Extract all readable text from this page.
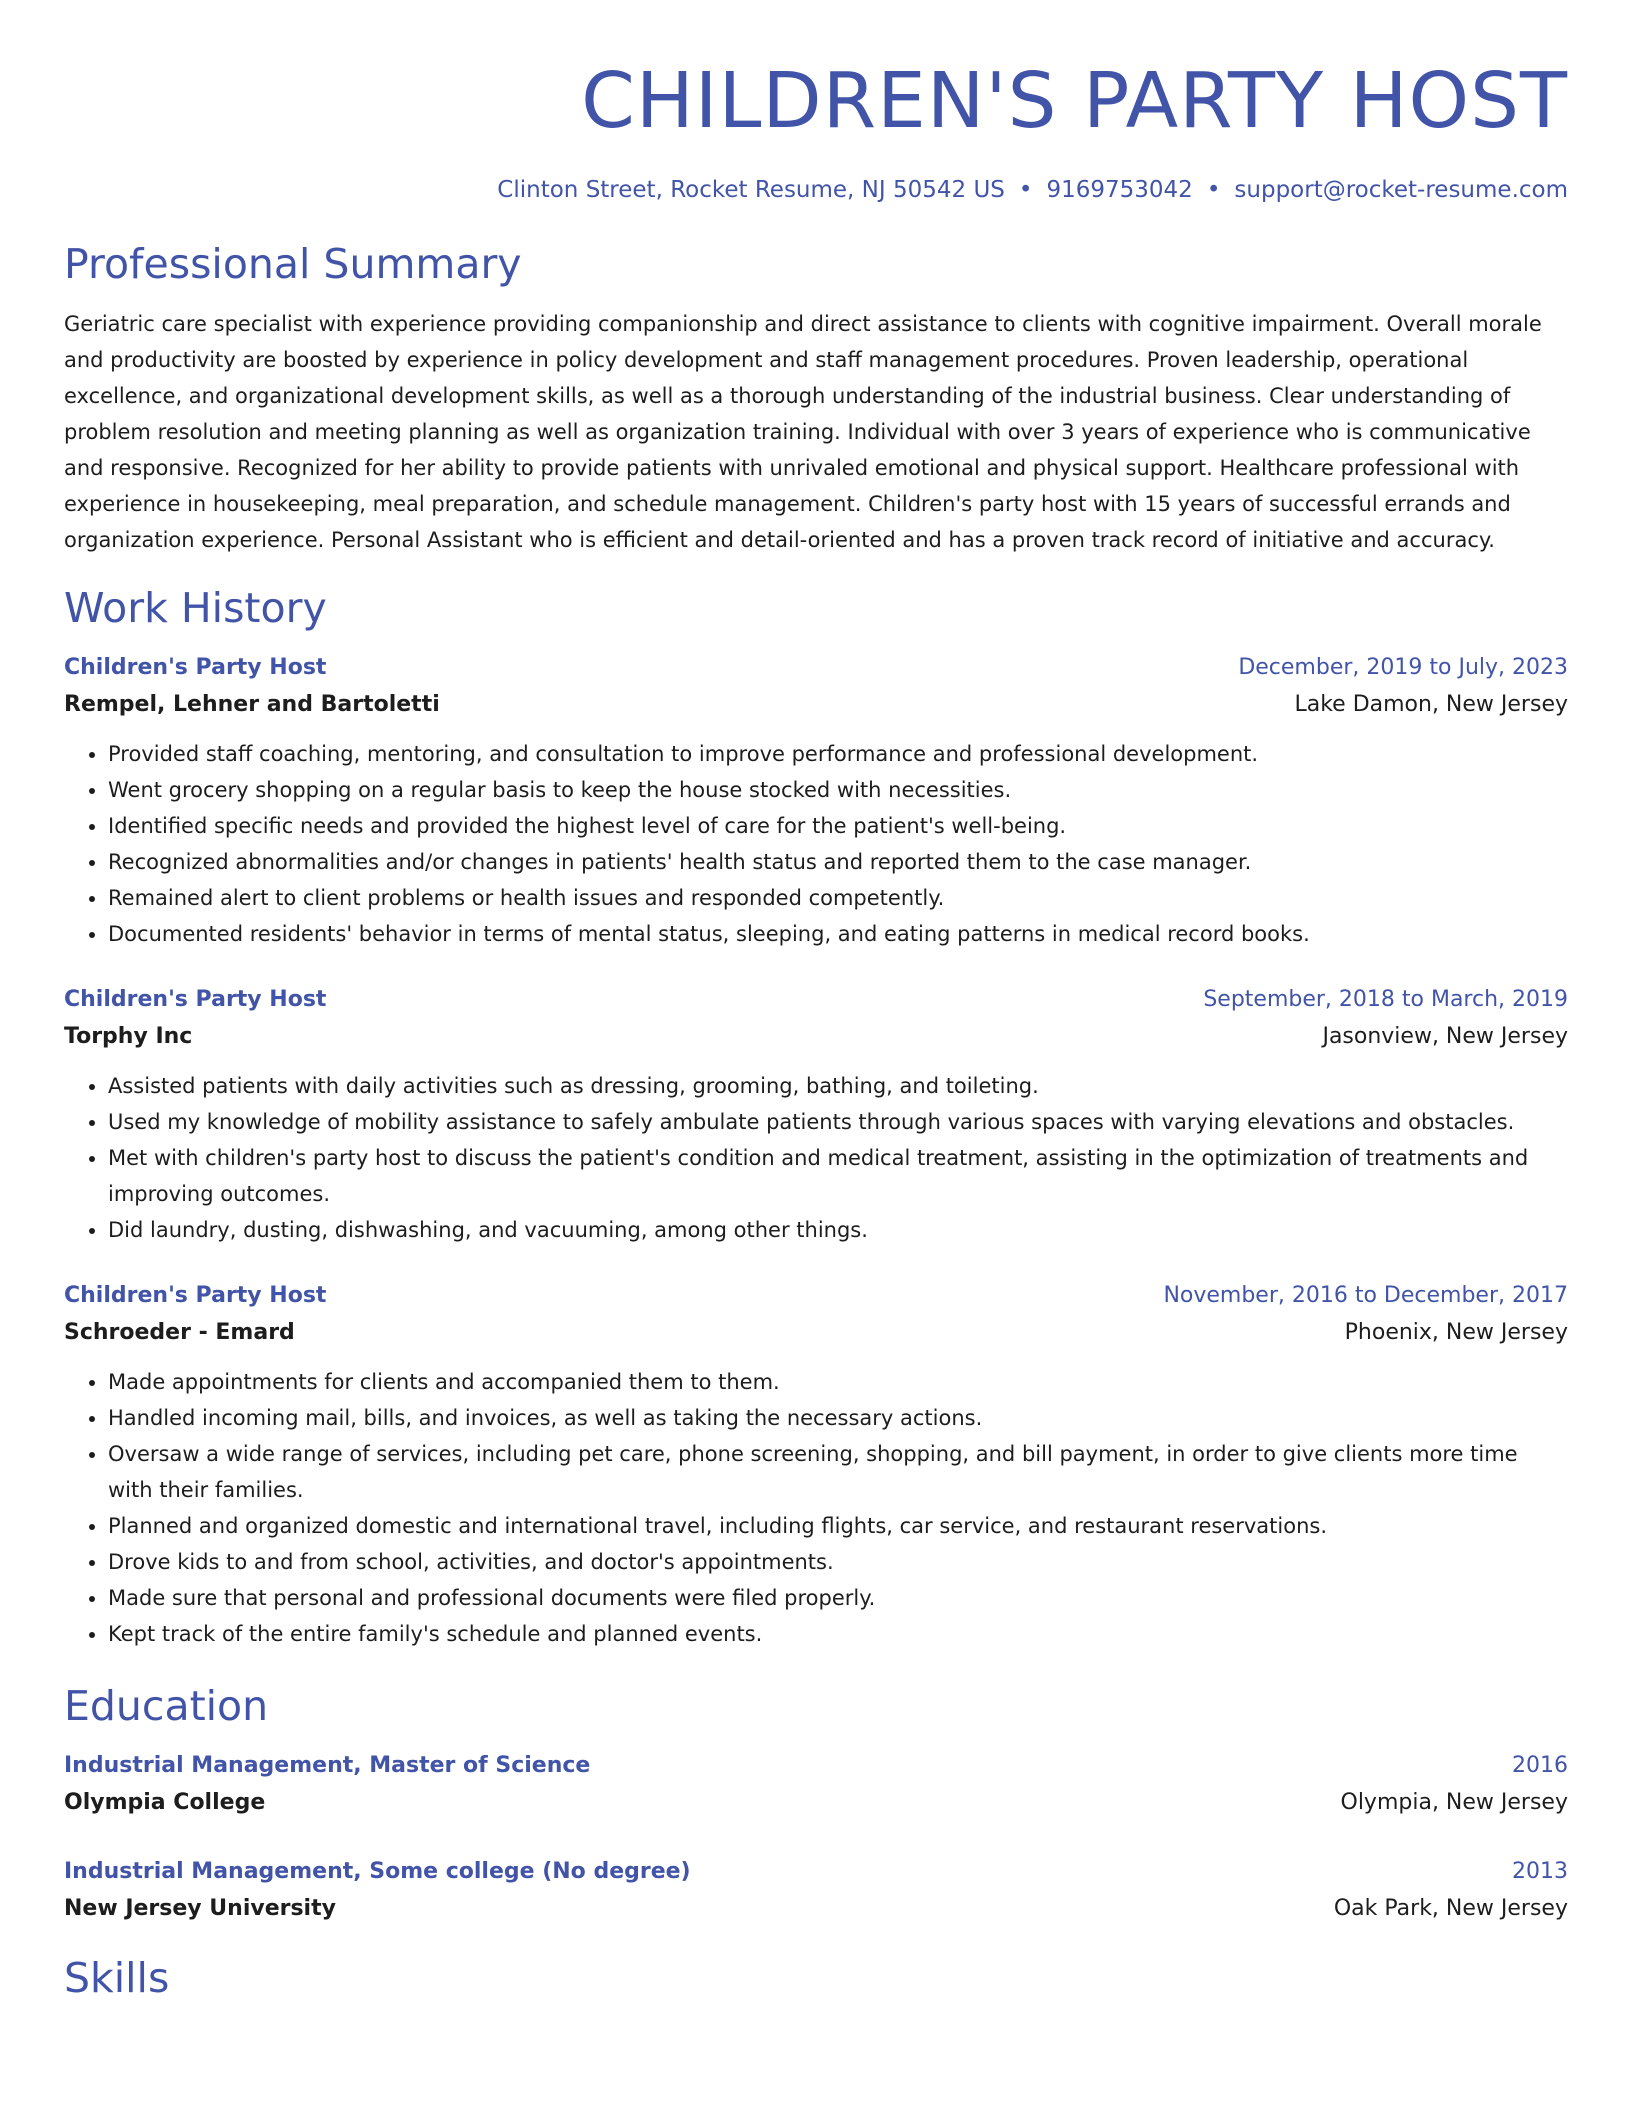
CHILDREN'S PARTY HOST
Clinton Street, Rocket Resume, NJ 50542 US • 9169753042 • support@rocket-resume.com
Professional Summary
Geriatric care specialist with experience providing companionship and direct assistance to clients with cognitive impairment. Overall morale and productivity are boosted by experience in policy development and staff management procedures. Proven leadership, operational excellence, and organizational development skills, as well as a thorough understanding of the industrial business. Clear understanding of problem resolution and meeting planning as well as organization training. Individual with over 3 years of experience who is communicative and responsive. Recognized for her ability to provide patients with unrivaled emotional and physical support. Healthcare professional with experience in housekeeping, meal preparation, and schedule management. Children's party host with 15 years of successful errands and organization experience. Personal Assistant who is efficient and detail-oriented and has a proven track record of initiative and accuracy.
Work History
Children's Party Host	December, 2019 to July, 2023
Rempel, Lehner and Bartoletti	Lake Damon, New Jersey
• Provided staff coaching, mentoring, and consultation to improve performance and professional development.
• Went grocery shopping on a regular basis to keep the house stocked with necessities.
• Identified specific needs and provided the highest level of care for the patient's well-being.
• Recognized abnormalities and/or changes in patients' health status and reported them to the case manager.
• Remained alert to client problems or health issues and responded competently.
• Documented residents' behavior in terms of mental status, sleeping, and eating patterns in medical record books.
Children's Party Host	September, 2018 to March, 2019
Torphy Inc	Jasonview, New Jersey
• Assisted patients with daily activities such as dressing, grooming, bathing, and toileting.
• Used my knowledge of mobility assistance to safely ambulate patients through various spaces with varying elevations and obstacles.
• Met with children's party host to discuss the patient's condition and medical treatment, assisting in the optimization of treatments and improving outcomes.
• Did laundry, dusting, dishwashing, and vacuuming, among other things.
Children's Party Host	November, 2016 to December, 2017
Schroeder - Emard	Phoenix, New Jersey
• Made appointments for clients and accompanied them to them.
• Handled incoming mail, bills, and invoices, as well as taking the necessary actions.
• Oversaw a wide range of services, including pet care, phone screening, shopping, and bill payment, in order to give clients more time with their families.
• Planned and organized domestic and international travel, including flights, car service, and restaurant reservations.
• Drove kids to and from school, activities, and doctor's appointments.
• Made sure that personal and professional documents were filed properly.
• Kept track of the entire family's schedule and planned events.
Education
Industrial Management, Master of Science	2016
Olympia College	Olympia, New Jersey
Industrial Management, Some college (No degree)	2013
New Jersey University	Oak Park, New Jersey
Skills
